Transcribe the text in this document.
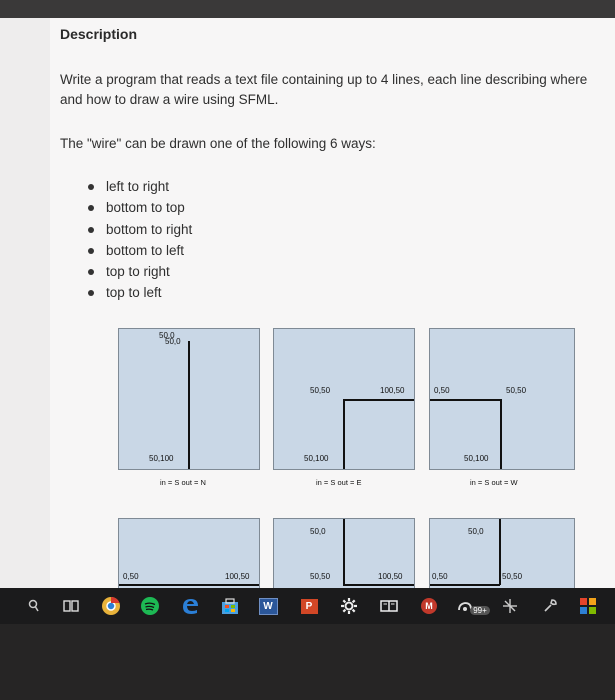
Description
Write a program that reads a text file containing up to 4 lines, each line describing where and how to draw a wire using SFML.
The "wire" can be drawn one of the following 6 ways:
left to right
bottom to top
bottom to right
bottom to left
top to right
top to left
50,0
50,0
50,100
in = S out = N
50,50	100,50
50,100
in = S out = E
0,50	50,50
50,100
in = S out = W
0,50	100,50
50,0
50,50	100,50	0,50
50,0
50,50
W	P	M	99+
